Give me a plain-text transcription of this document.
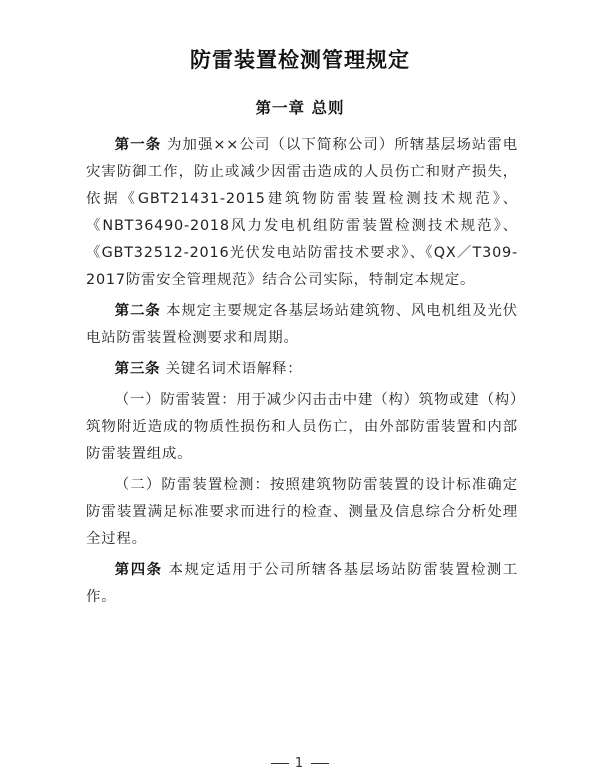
防雷装置检测管理规定
第一章 总则

第一条 为加强××公司（以下简称公司）所辖基层场站雷电灾害防御工作，防止或减少因雷击造成的人员伤亡和财产损失，依据《GBT21431-2015建筑物防雷装置检测技术规范》、《NBT36490-2018风力发电机组防雷装置检测技术规范》、《GBT32512-2016光伏发电站防雷技术要求》、《QX／T309-2017防雷安全管理规范》结合公司实际，特制定本规定。

第二条 本规定主要规定各基层场站建筑物、风电机组及光伏电站防雷装置检测要求和周期。

第三条 关键名词术语解释：

（一）防雷装置：用于减少闪击击中建（构）筑物或建（构）筑物附近造成的物质性损伤和人员伤亡，由外部防雷装置和内部防雷装置组成。

（二）防雷装置检测：按照建筑物防雷装置的设计标准确定防雷装置满足标准要求而进行的检查、测量及信息综合分析处理全过程。

第四条 本规定适用于公司所辖各基层场站防雷装置检测工作。

1
